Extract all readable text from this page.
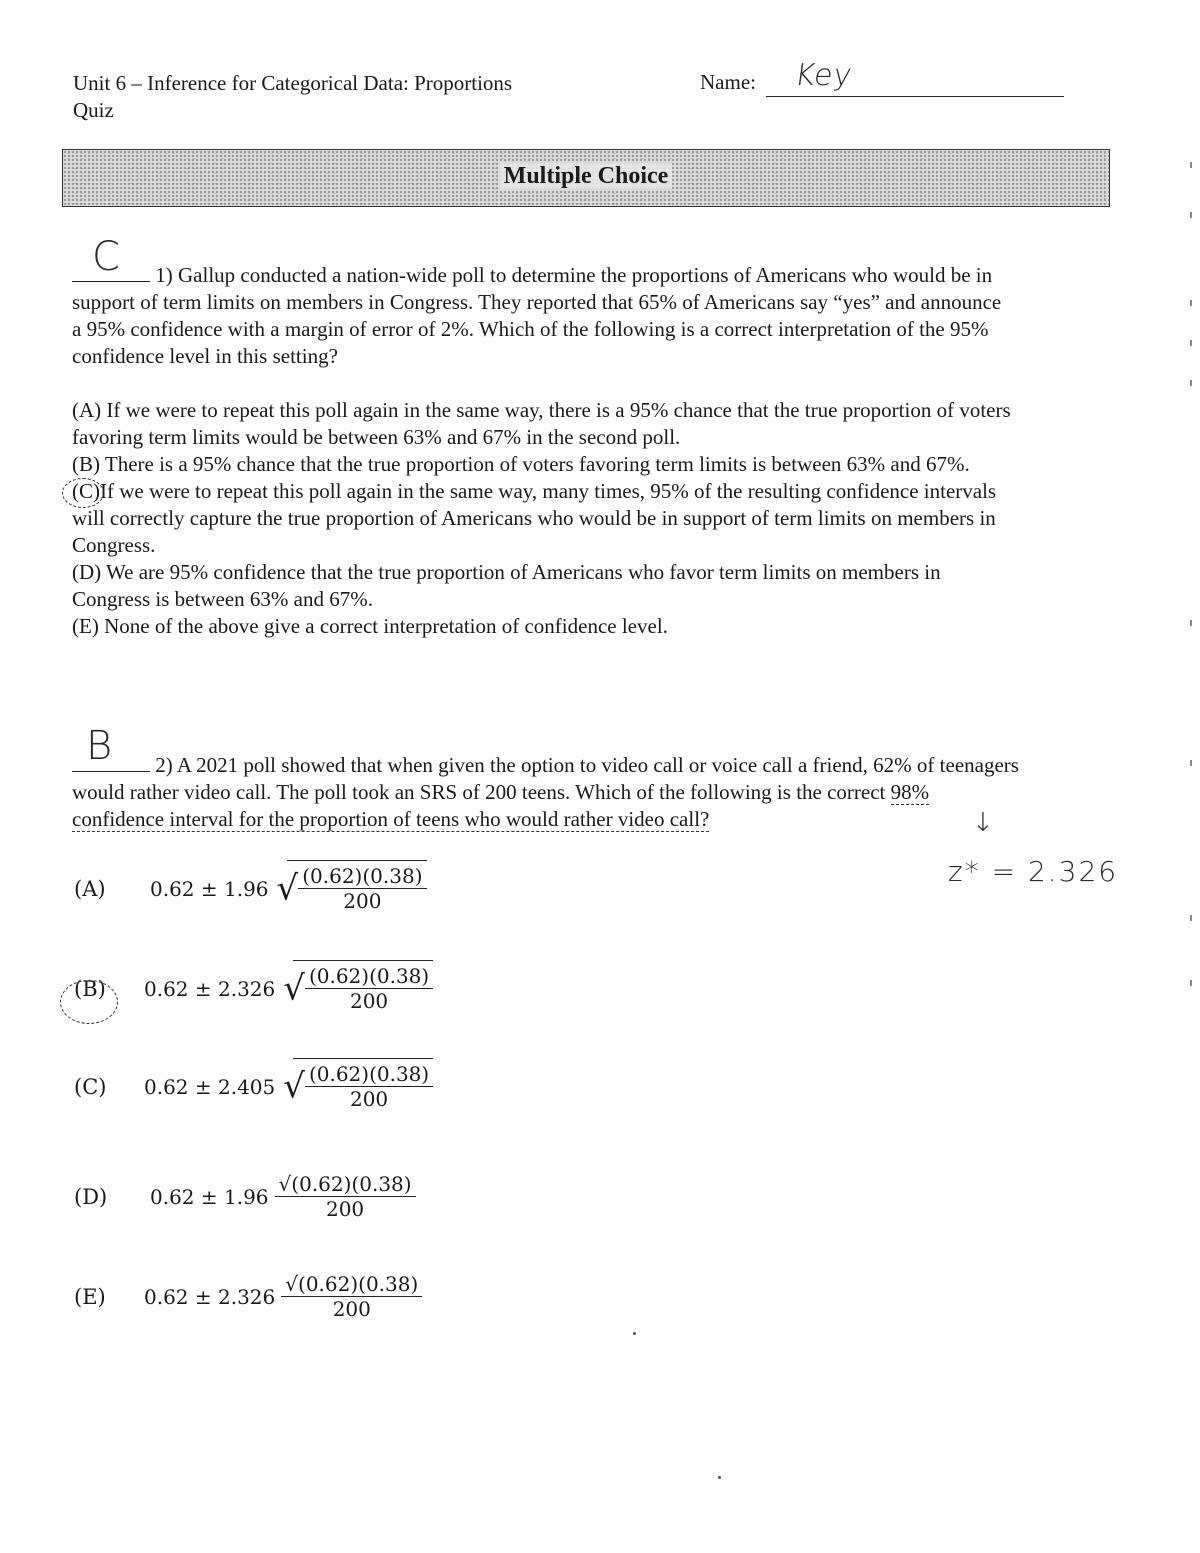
Unit 6 – Inference for Categorical Data: Proportions
Quiz
Name: Key
Multiple Choice
C	1) Gallup conducted a nation-wide poll to determine the proportions of Americans who would be in
support of term limits on members in Congress. They reported that 65% of Americans say “yes” and announce
a 95% confidence with a margin of error of 2%. Which of the following is a correct interpretation of the 95%
confidence level in this setting?
(A) If we were to repeat this poll again in the same way, there is a 95% chance that the true proportion of voters
favoring term limits would be between 63% and 67% in the second poll.
(B) There is a 95% chance that the true proportion of voters favoring term limits is between 63% and 67%.
(C)If we were to repeat this poll again in the same way, many times, 95% of the resulting confidence intervals
will correctly capture the true proportion of Americans who would be in support of term limits on members in
Congress.
(D) We are 95% confidence that the true proportion of Americans who favor term limits on members in
Congress is between 63% and 67%.
(E) None of the above give a correct interpretation of confidence level.
B	2) A 2021 poll showed that when given the option to video call or voice call a friend, 62% of teenagers
would rather video call. The poll took an SRS of 200 teens. Which of the following is the correct 98%
confidence interval for the proportion of teens who would rather video call?	↓
z* = 2.326
(A)	0.62 ± 1.96 √ $\frac{(0.62)(0.38)}{200}$
(B)	0.62 ± 2.326 √ $\frac{(0.62)(0.38)}{200}$
(C)	0.62 ± 2.405 √ $\frac{(0.62)(0.38)}{200}$
(D)	$0.62 \pm 1.96 \frac{√(0.62)(0.38)}{200}$
(E)	$0.62 \pm 2.326 \frac{√(0.62)(0.38)}{200}$
